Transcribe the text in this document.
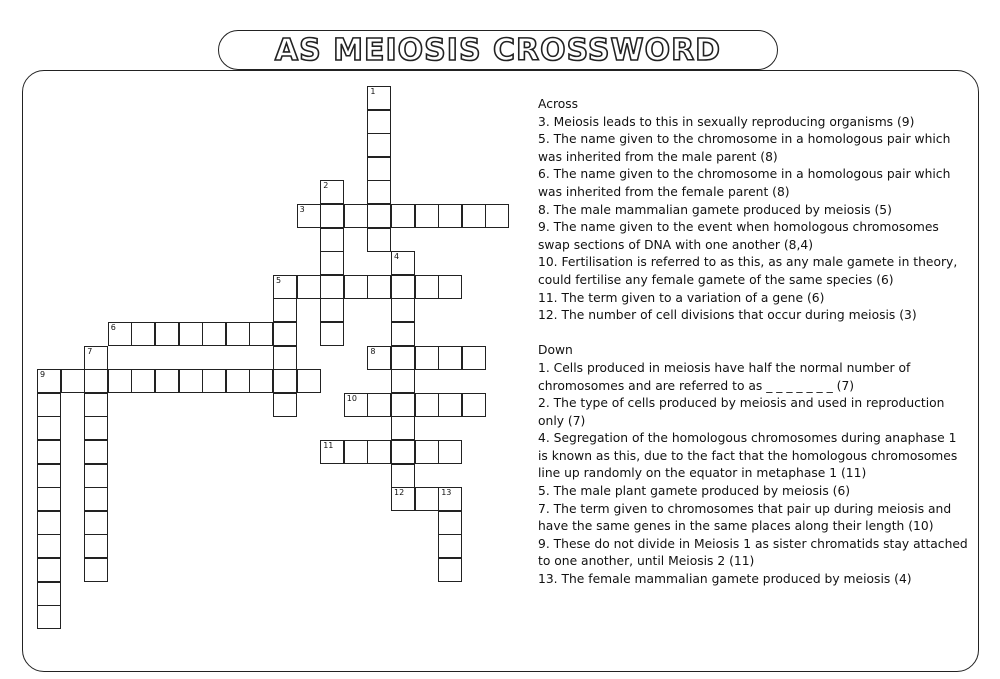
AS MEIOSIS CROSSWORD
1
2
3
4
12
5
6
7	8
9
10
11
13

Across

3. Meiosis leads to this in sexually reproducing organisms (9)

5. The name given to the chromosome in a homologous pair which was inherited from the male parent (8)

6. The name given to the chromosome in a homologous pair which was inherited from the female parent (8)

8. The male mammalian gamete produced by meiosis (5)

9. The name given to the event when homologous chromosomes swap sections of DNA with one another (8,4)

10. Fertilisation is referred to as this, as any male gamete in theory, could fertilise any female gamete of the same species (6)

11. The term given to a variation of a gene (6)

12. The number of cell divisions that occur during meiosis (3)

Down

1. Cells produced in meiosis have half the normal number of chromosomes and are referred to as _ _ _ _ _ _ _ (7)

2. The type of cells produced by meiosis and used in reproduction only (7)

4. Segregation of the homologous chromosomes during anaphase 1 is known as this, due to the fact that the homologous chromosomes line up randomly on the equator in metaphase 1 (11)

5. The male plant gamete produced by meiosis (6)

7. The term given to chromosomes that pair up during meiosis and have the same genes in the same places along their length (10)

9. These do not divide in Meiosis 1 as sister chromatids stay attached to one another, until Meiosis 2 (11)

13. The female mammalian gamete produced by meiosis (4)
